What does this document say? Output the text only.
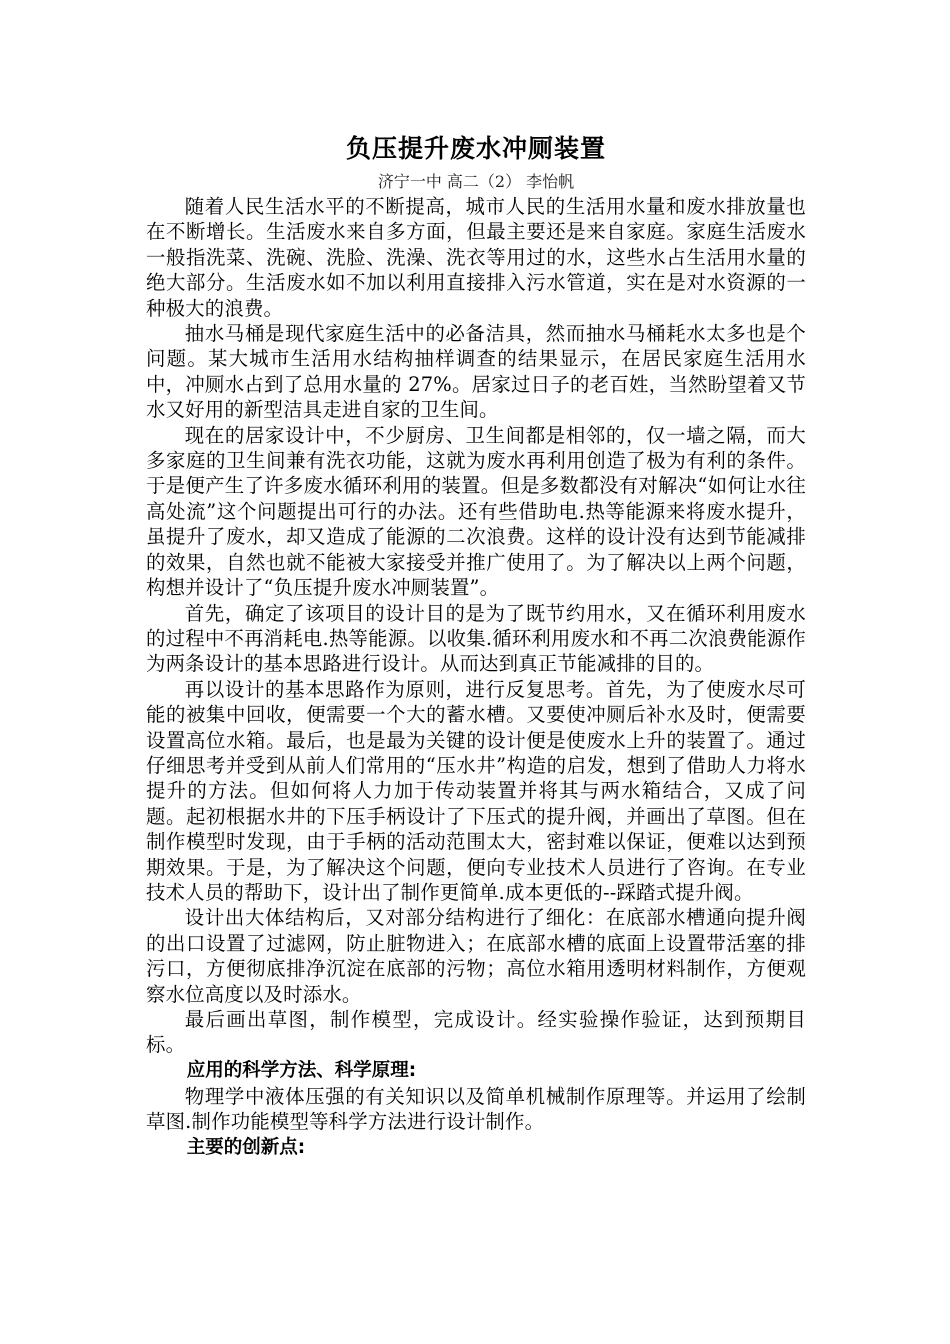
负压提升废水冲厕装置

济宁一中 高二（2） 李怡帆

随着人民生活水平的不断提高，城市人民的生活用水量和废水排放量也在不断增长。生活废水来自多方面，但最主要还是来自家庭。家庭生活废水一般指洗菜、洗碗、洗脸、洗澡、洗衣等用过的水，这些水占生活用水量的绝大部分。生活废水如不加以利用直接排入污水管道，实在是对水资源的一种极大的浪费。

抽水马桶是现代家庭生活中的必备洁具，然而抽水马桶耗水太多也是个问题。某大城市生活用水结构抽样调查的结果显示，在居民家庭生活用水中，冲厕水占到了总用水量的 27%。居家过日子的老百姓，当然盼望着又节水又好用的新型洁具走进自家的卫生间。

现在的居家设计中，不少厨房、卫生间都是相邻的，仅一墙之隔，而大多家庭的卫生间兼有洗衣功能，这就为废水再利用创造了极为有利的条件。于是便产生了许多废水循环利用的装置。但是多数都没有对解决“如何让水往高处流”这个问题提出可行的办法。还有些借助电.热等能源来将废水提升，虽提升了废水，却又造成了能源的二次浪费。这样的设计没有达到节能减排的效果，自然也就不能被大家接受并推广使用了。为了解决以上两个问题，构想并设计了“负压提升废水冲厕装置”。

首先，确定了该项目的设计目的是为了既节约用水，又在循环利用废水的过程中不再消耗电.热等能源。以收集.循环利用废水和不再二次浪费能源作为两条设计的基本思路进行设计。从而达到真正节能减排的目的。

再以设计的基本思路作为原则，进行反复思考。首先，为了使废水尽可能的被集中回收，便需要一个大的蓄水槽。又要使冲厕后补水及时，便需要设置高位水箱。最后，也是最为关键的设计便是使废水上升的装置了。通过仔细思考并受到从前人们常用的“压水井”构造的启发，想到了借助人力将水提升的方法。但如何将人力加于传动装置并将其与两水箱结合，又成了问题。起初根据水井的下压手柄设计了下压式的提升阀，并画出了草图。但在制作模型时发现，由于手柄的活动范围太大，密封难以保证，便难以达到预期效果。于是，为了解决这个问题，便向专业技术人员进行了咨询。在专业技术人员的帮助下，设计出了制作更简单.成本更低的--踩踏式提升阀。

设计出大体结构后，又对部分结构进行了细化：在底部水槽通向提升阀的出口设置了过滤网，防止脏物进入；在底部水槽的底面上设置带活塞的排污口，方便彻底排净沉淀在底部的污物；高位水箱用透明材料制作，方便观察水位高度以及时添水。

最后画出草图，制作模型，完成设计。经实验操作验证，达到预期目标。

应用的科学方法、科学原理:

物理学中液体压强的有关知识以及简单机械制作原理等。并运用了绘制草图.制作功能模型等科学方法进行设计制作。

主要的创新点:
